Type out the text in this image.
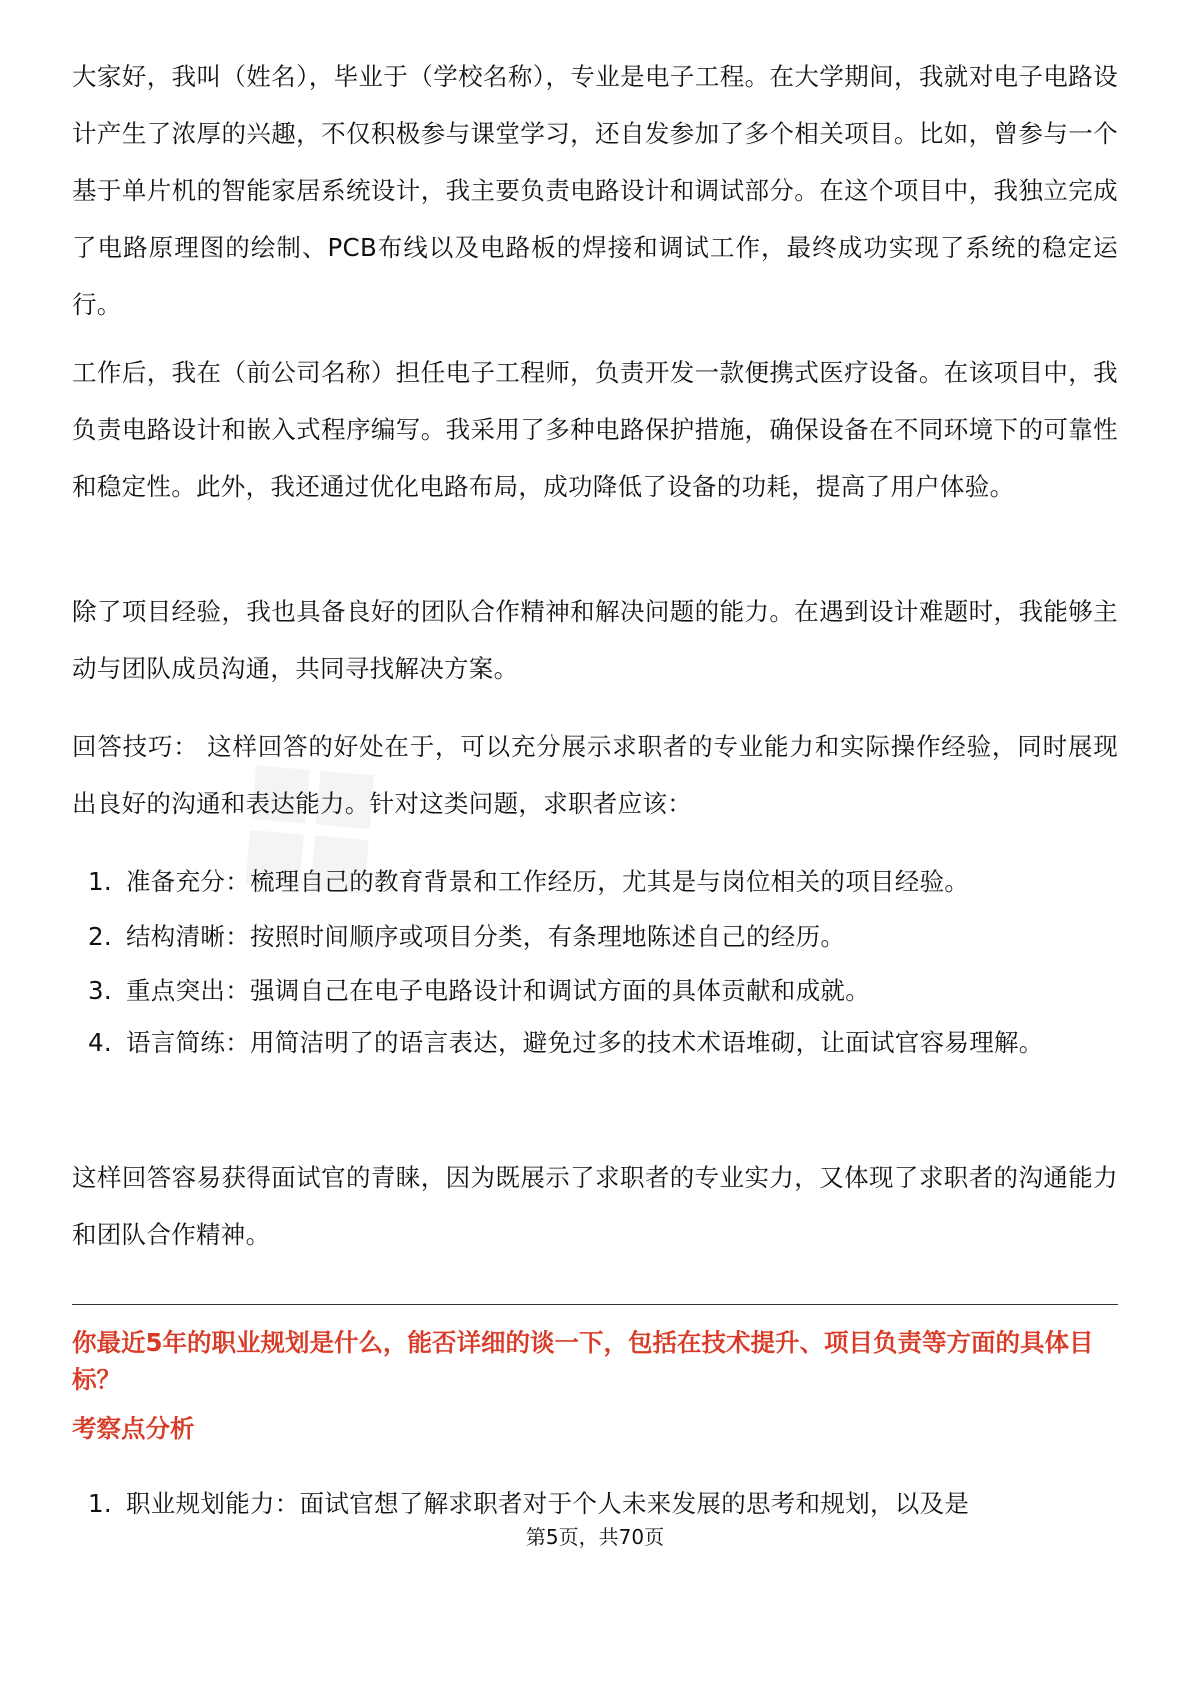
大家好，我叫（姓名），毕业于（学校名称），专业是电子工程。在大学期间，我就对电子电路设计产生了浓厚的兴趣，不仅积极参与课堂学习，还自发参加了多个相关项目。比如，曾参与一个基于单片机的智能家居系统设计，我主要负责电路设计和调试部分。在这个项目中，我独立完成了电路原理图的绘制、PCB布线以及电路板的焊接和调试工作，最终成功实现了系统的稳定运行。

工作后，我在（前公司名称）担任电子工程师，负责开发一款便携式医疗设备。在该项目中，我负责电路设计和嵌入式程序编写。我采用了多种电路保护措施，确保设备在不同环境下的可靠性和稳定性。此外，我还通过优化电路布局，成功降低了设备的功耗，提高了用户体验。

除了项目经验，我也具备良好的团队合作精神和解决问题的能力。在遇到设计难题时，我能够主动与团队成员沟通，共同寻找解决方案。

回答技巧： 这样回答的好处在于，可以充分展示求职者的专业能力和实际操作经验，同时展现出良好的沟通和表达能力。针对这类问题，求职者应该：

1. 准备充分：梳理自己的教育背景和工作经历，尤其是与岗位相关的项目经验。
2. 结构清晰：按照时间顺序或项目分类，有条理地陈述自己的经历。
3. 重点突出：强调自己在电子电路设计和调试方面的具体贡献和成就。
4. 语言简练：用简洁明了的语言表达，避免过多的技术术语堆砌，让面试官容易理解。

这样回答容易获得面试官的青睐，因为既展示了求职者的专业实力，又体现了求职者的沟通能力和团队合作精神。

你最近5年的职业规划是什么，能否详细的谈一下，包括在技术提升、项目负责等方面的具体目标？

考察点分析

1. 职业规划能力：面试官想了解求职者对于个人未来发展的思考和规划，以及是
第5页，共70页
